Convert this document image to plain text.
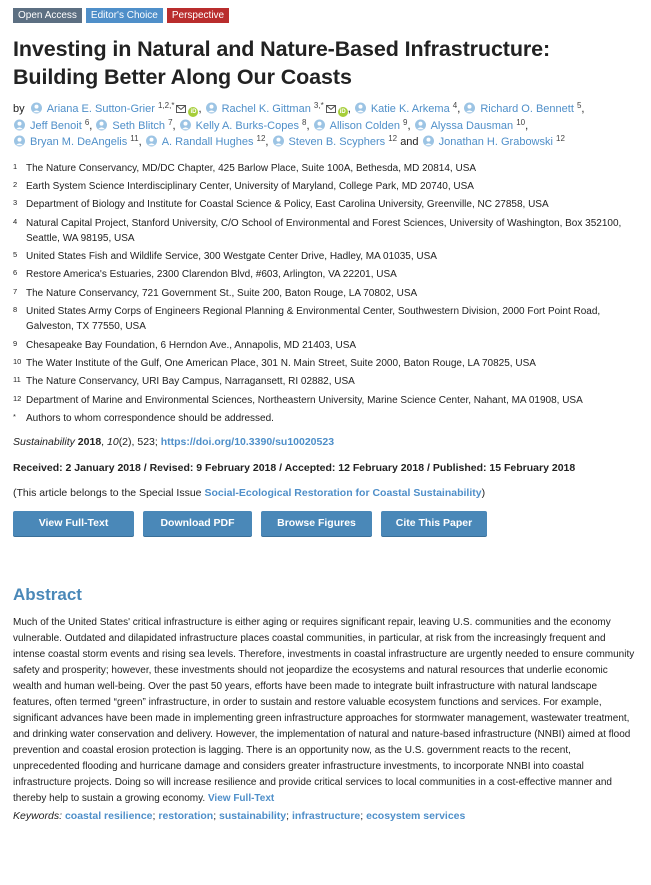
Open Access	Editor's Choice	Perspective
Investing in Natural and Nature-Based Infrastructure: Building Better Along Our Coasts
by Ariana E. Sutton-Grier $^{1,2,*}$iD , Rachel K. Gittman $^{3,*}$iD , Katie K. Arkema $^4$, Richard O. Bennett $^5$, Jeff Benoit $^6$, Seth Blitch $^7$, Kelly A. Burks-Copes $^8$, Allison Colden $^9$, Alyssa Dausman $^{10}$, Bryan M. DeAngelis $^{11}$, A. Randall Hughes $^{12}$, Steven B. Scyphers $^{12}$ and Jonathan H. Grabowski $^{12}$
1 The Nature Conservancy, MD/DC Chapter, 425 Barlow Place, Suite 100A, Bethesda, MD 20814, USA
2 Earth System Science Interdisciplinary Center, University of Maryland, College Park, MD 20740, USA
3 Department of Biology and Institute for Coastal Science & Policy, East Carolina University, Greenville, NC 27858, USA
4 Natural Capital Project, Stanford University, C/O School of Environmental and Forest Sciences, University of Washington, Box 352100, Seattle, WA 98195, USA
5 United States Fish and Wildlife Service, 300 Westgate Center Drive, Hadley, MA 01035, USA
6 Restore America's Estuaries, 2300 Clarendon Blvd, #603, Arlington, VA 22201, USA
7 The Nature Conservancy, 721 Government St., Suite 200, Baton Rouge, LA 70802, USA
8 United States Army Corps of Engineers Regional Planning & Environmental Center, Southwestern Division, 2000 Fort Point Road, Galveston, TX 77550, USA
9 Chesapeake Bay Foundation, 6 Herndon Ave., Annapolis, MD 21403, USA
10 The Water Institute of the Gulf, One American Place, 301 N. Main Street, Suite 2000, Baton Rouge, LA 70825, USA
11 The Nature Conservancy, URI Bay Campus, Narragansett, RI 02882, USA
12 Department of Marine and Environmental Sciences, Northeastern University, Marine Science Center, Nahant, MA 01908, USA
*	Authors to whom correspondence should be addressed.
Sustainability 2018, 10(2), 523; https://doi.org/10.3390/su10020523
Received: 2 January 2018 / Revised: 9 February 2018 / Accepted: 12 February 2018 / Published: 15 February 2018
(This article belongs to the Special Issue Social-Ecological Restoration for Coastal Sustainability)
View Full-Text	Download PDF	Browse Figures	Cite This Paper
Abstract
Much of the United States' critical infrastructure is either aging or requires significant repair, leaving U.S. communities and the economy vulnerable. Outdated and dilapidated infrastructure places coastal communities, in particular, at risk from the increasingly frequent and intense coastal storm events and rising sea levels. Therefore, investments in coastal infrastructure are urgently needed to ensure community safety and prosperity; however, these investments should not jeopardize the ecosystems and natural resources that underlie economic wealth and human well-being. Over the past 50 years, efforts have been made to integrate built infrastructure with natural landscape features, often termed “green” infrastructure, in order to sustain and restore valuable ecosystem functions and services. For example, significant advances have been made in implementing green infrastructure approaches for stormwater management, wastewater treatment, and drinking water conservation and delivery. However, the implementation of natural and nature-based infrastructure (NNBI) aimed at flood prevention and coastal erosion protection is lagging. There is an opportunity now, as the U.S. government reacts to the recent, unprecedented flooding and hurricane damage and considers greater infrastructure investments, to incorporate NNBI into coastal infrastructure projects. Doing so will increase resilience and provide critical services to local communities in a cost-effective manner and thereby help to sustain a growing economy. View Full-Text
Keywords: coastal resilience; restoration; sustainability; infrastructure; ecosystem services
